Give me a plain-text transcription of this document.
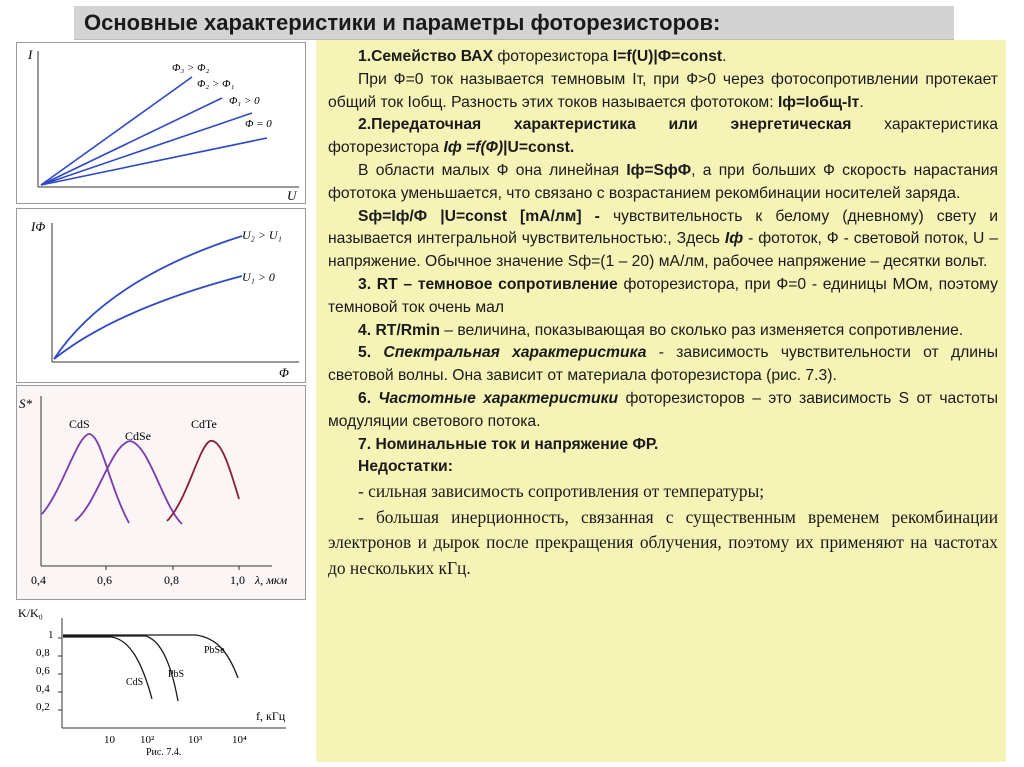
Основные характеристики и параметры фоторезисторов:
I
U
Φ₃ > Φ₂
Φ₂ > Φ₁
Φ₁ > 0
Φ = 0
IΦ
Φ
U₂ > U₁
U₁ > 0
S*
0,4	0,6	0,8	1,0 λ, мкм
CdS
CdSe
CdTe
K/K₀
1
0,8
0,6
0,4
0,2
10 10²	10³	10⁴
f, кГц
Рис. 7.4.
CdS
PbS
PbSe

1.Семейство ВАХ фоторезистора I=f(U)|Ф=const.

При Ф=0 ток называется темновым Iт, при Ф>0 через фотосопротивлении протекает общий ток Iобщ. Разность этих токов называется фототоком: Iф=Iобщ-Iт.

2.Передаточная характеристика или энергетическая характеристика фоторезистора Iф =f(Ф)|U=const.

В области малых Ф она линейная Iф=SфФ, а при больших Ф скорость нарастания фототока уменьшается, что связано с возрастанием рекомбинации носителей заряда.

Sф=Iф/Ф |U=const [mA/лм] - чувствительность к белому (дневному) свету и называется интегральной чувствительностью:, Здесь Iф - фототок, Ф - световой поток, U –напряжение. Обычное значение Sф=(1 – 20) мА/лм, рабочее напряжение – десятки вольт.

3. RT – темновое сопротивление фоторезистора, при Ф=0 - единицы МОм, поэтому темновой ток очень мал

4. RT/Rmin – величина, показывающая во сколько раз изменяется сопротивление.

5. Спектральная характеристика - зависимость чувствительности от длины световой волны. Она зависит от материала фоторезистора (рис. 7.3).

6. Частотные характеристики фоторезисторов – это зависимость S от частоты модуляции светового потока.

7. Номинальные ток и напряжение ФР.

Недостатки:

- сильная зависимость сопротивления от температуры;

- большая инерционность, связанная с существенным временем рекомбинации электронов и дырок после прекращения облучения, поэтому их применяют на частотах до нескольких кГц.
